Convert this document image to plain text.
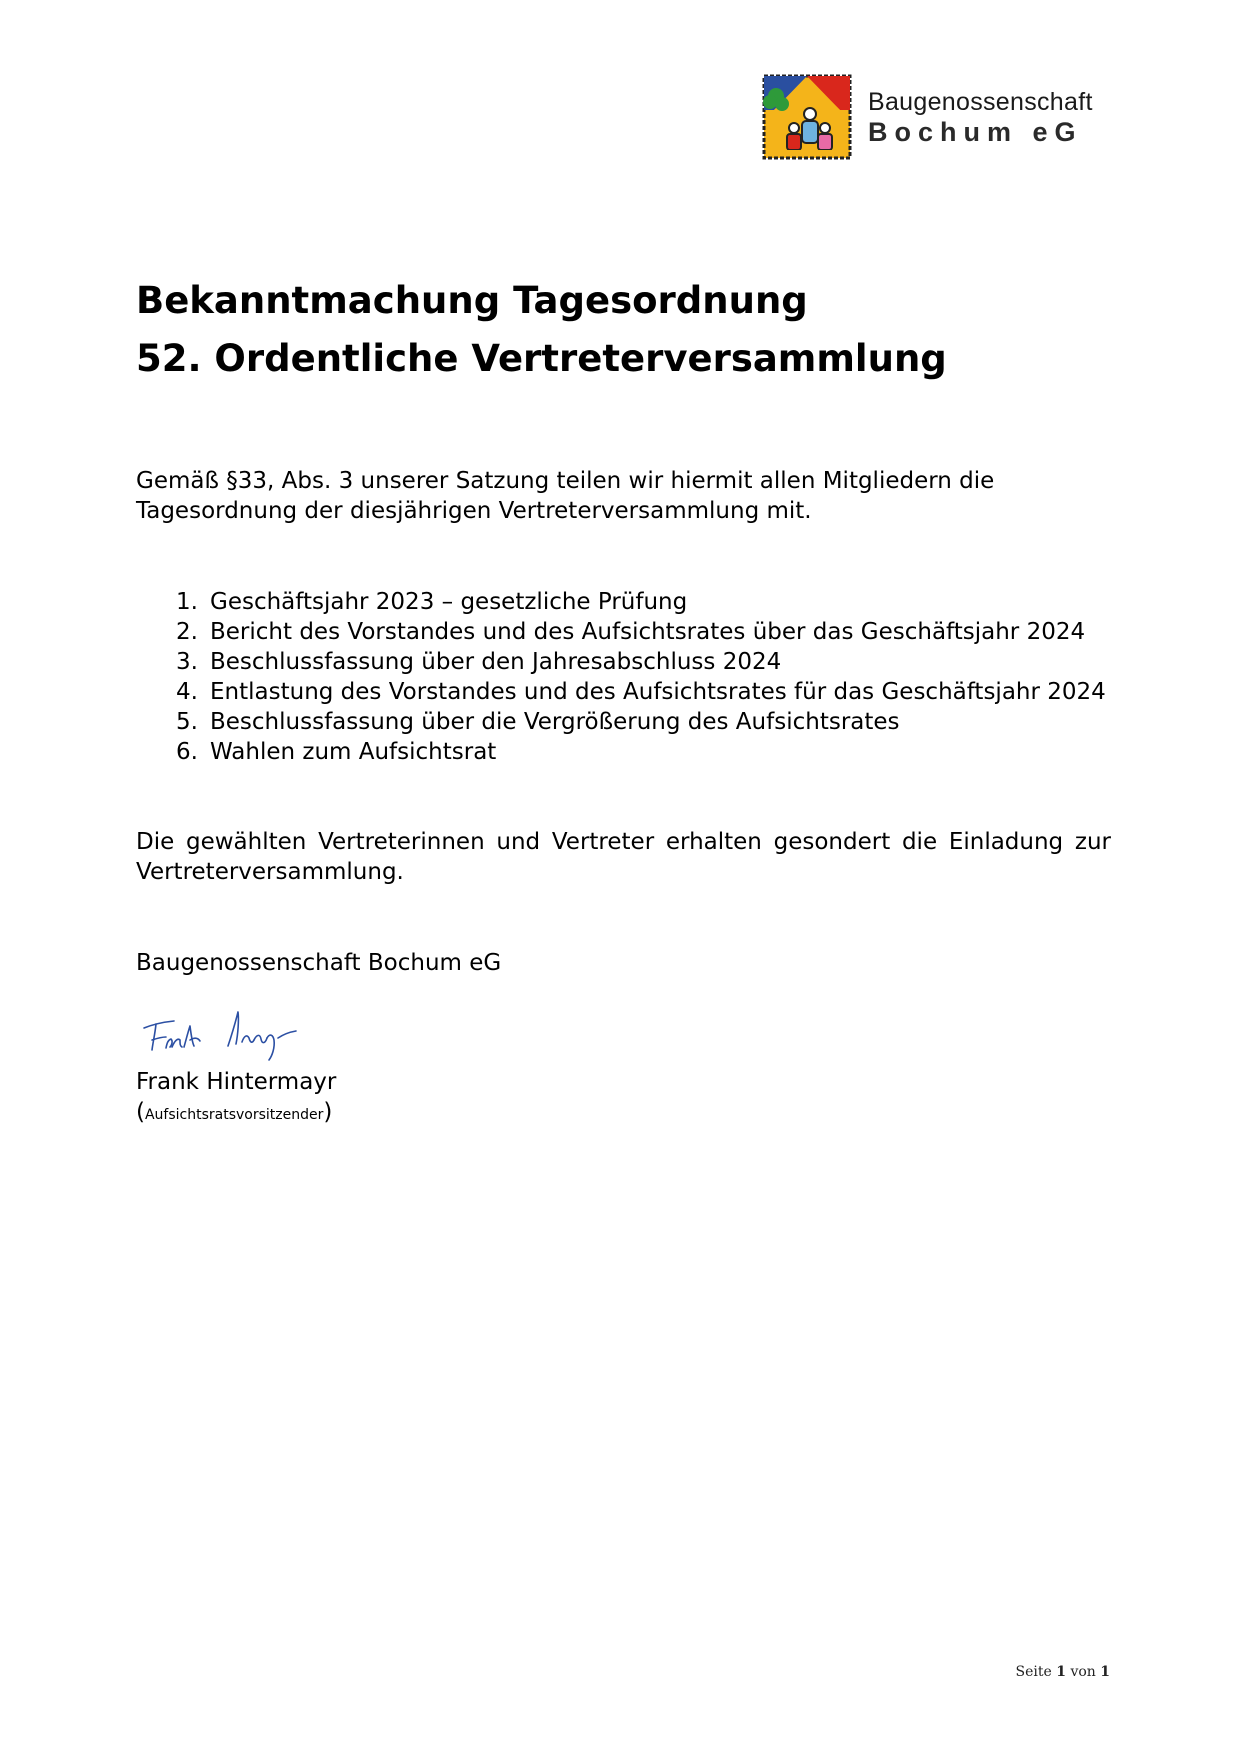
Baugenossenschaft
Bochum eG
Bekanntmachung Tagesordnung
52. Ordentliche Vertreterversammlung

Gemäß §33, Abs. 3 unserer Satzung teilen wir hiermit allen Mitgliedern die Tagesordnung der diesjährigen Vertreterversammlung mit.

1. Geschäftsjahr 2023 – gesetzliche Prüfung
2. Bericht des Vorstandes und des Aufsichtsrates über das Geschäftsjahr 2024
3. Beschlussfassung über den Jahresabschluss 2024
4. Entlastung des Vorstandes und des Aufsichtsrates für das Geschäftsjahr 2024
5. Beschlussfassung über die Vergrößerung des Aufsichtsrates
6. Wahlen zum Aufsichtsrat

Die gewählten Vertreterinnen und Vertreter erhalten gesondert die Einladung zur Vertreterversammlung.

Baugenossenschaft Bochum eG

Frank Hintermayr

(Aufsichtsratsvorsitzender)

Seite 1 von 1
